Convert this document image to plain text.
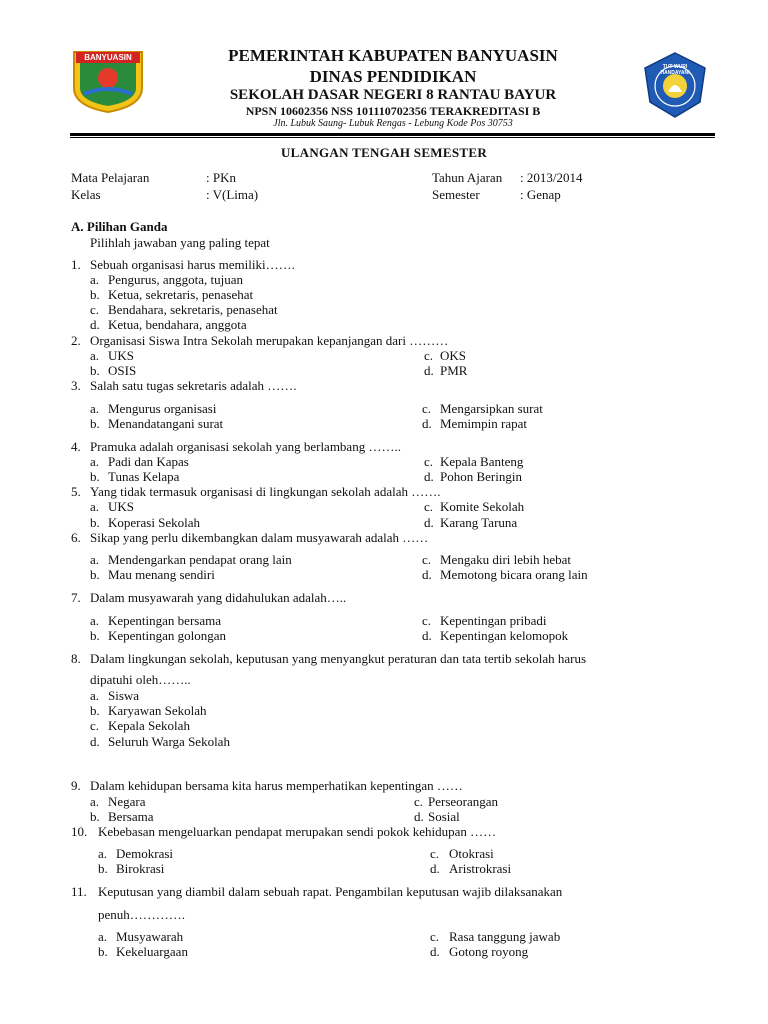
BANYUASIN
TUT WURI HANDAYANI
PEMERINTAH KABUPATEN BANYUASIN
DINAS PENDIDIKAN
SEKOLAH DASAR NEGERI 8 RANTAU BAYUR
NPSN 10602356 NSS 101110702356 TERAKREDITASI B
Jln. Lubuk Saung- Lubuk Rengas - Lebung Kode Pos 30753
ULANGAN TENGAH SEMESTER
Mata Pelajaran	: PKn
Kelas	: V(Lima)
Tahun Ajaran : 2013/2014
Semester	: Genap
A. Pilihan Ganda
Pilihlah jawaban yang paling tepat
1. Sebuah organisasi harus memiliki…….
a. Pengurus, anggota, tujuan
b. Ketua, sekretaris, penasehat
c. Bendahara, sekretaris, penasehat
d. Ketua, bendahara, anggota
2. Organisasi Siswa Intra Sekolah merupakan kepanjangan dari ………
a. UKS	c. OKS
b. OSIS	d. PMR
3. Salah satu tugas sekretaris adalah …….
a. Mengurus organisasi	c. Mengarsipkan surat
b. Menandatangani surat	d. Memimpin rapat
4. Pramuka adalah organisasi sekolah yang berlambang ……..
a. Padi dan Kapas	c. Kepala Banteng
b. Tunas Kelapa	d. Pohon Beringin
5. Yang tidak termasuk organisasi di lingkungan sekolah adalah …….
a. UKS	c. Komite Sekolah
b. Koperasi Sekolah	d. Karang Taruna
6. Sikap yang perlu dikembangkan dalam musyawarah adalah ……
a. Mendengarkan pendapat orang lain	c. Mengaku diri lebih hebat
b. Mau menang sendiri	d. Memotong bicara orang lain
7. Dalam musyawarah yang didahulukan adalah…..
a. Kepentingan bersama	c. Kepentingan pribadi
b. Kepentingan golongan	d. Kepentingan kelomopok
8. Dalam lingkungan sekolah, keputusan yang menyangkut peraturan dan tata tertib sekolah harus
dipatuhi oleh……..
a. Siswa
b. Karyawan Sekolah
c. Kepala Sekolah
d. Seluruh Warga Sekolah
9. Dalam kehidupan bersama kita harus memperhatikan kepentingan ……
a. Negara	c. Perseorangan
b. Bersama	d. Sosial
10. Kebebasan mengeluarkan pendapat merupakan sendi pokok kehidupan ……
a. Demokrasi	c. Otokrasi
b. Birokrasi	d. Aristrokrasi
11. Keputusan yang diambil dalam sebuah rapat. Pengambilan keputusan wajib dilaksanakan
penuh………….
a. Musyawarah	c. Rasa tanggung jawab
b. Kekeluargaan	d. Gotong royong
